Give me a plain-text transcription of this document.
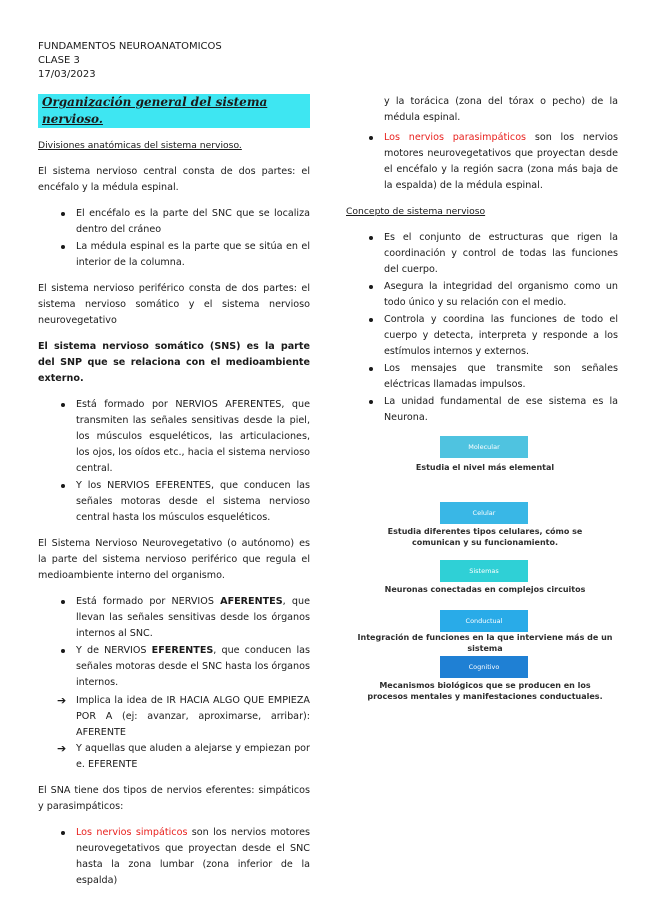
FUNDAMENTOS NEUROANATOMICOS
CLASE 3
17/03/2023
Organización general del sistema nervioso.
Divisiones anatómicas del sistema nervioso.

El sistema nervioso central consta de dos partes: el encéfalo y la médula espinal.

El encéfalo es la parte del SNC que se localiza dentro del cráneo
La médula espinal es la parte que se sitúa en el interior de la columna.

El sistema nervioso periférico consta de dos partes: el sistema nervioso somático y el sistema nervioso neurovegetativo

El sistema nervioso somático (SNS) es la parte del SNP que se relaciona con el medioambiente externo.

Está formado por NERVIOS AFERENTES, que transmiten las señales sensitivas desde la piel, los músculos esqueléticos, las articulaciones, los ojos, los oídos etc., hacia el sistema nervioso central.
Y los NERVIOS EFERENTES, que conducen las señales motoras desde el sistema nervioso central hasta los músculos esqueléticos.

El Sistema Nervioso Neurovegetativo (o autónomo) es la parte del sistema nervioso periférico que regula el medioambiente interno del organismo.

Está formado por NERVIOS AFERENTES, que llevan las señales sensitivas desde los órganos internos al SNC.
Y de NERVIOS EFERENTES, que conducen las señales motoras desde el SNC hasta los órganos internos.
➔ Implica la idea de IR HACIA ALGO QUE EMPIEZA POR A (ej: avanzar, aproximarse, arribar): AFERENTE
➔ Y aquellas que aluden a alejarse y empiezan por e. EFERENTE

El SNA tiene dos tipos de nervios eferentes: simpáticos y parasimpáticos:

Los nervios simpáticos son los nervios motores neurovegetativos que proyectan desde el SNC hasta la zona lumbar (zona inferior de la espalda)
y la torácica (zona del tórax o pecho) de la médula espinal.
Los nervios parasimpáticos son los nervios motores neurovegetativos que proyectan desde el encéfalo y la región sacra (zona más baja de la espalda) de la médula espinal.
Concepto de sistema nervioso
Es el conjunto de estructuras que rigen la coordinación y control de todas las funciones del cuerpo.
Asegura la integridad del organismo como un todo único y su relación con el medio.
Controla y coordina las funciones de todo el cuerpo y detecta, interpreta y responde a los estímulos internos y externos.
Los mensajes que transmite son señales eléctricas llamadas impulsos.
La unidad fundamental de ese sistema es la Neurona.
Molecular
Estudia el nivel más elemental
Celular
Estudia diferentes tipos celulares, cómo se comunican y su funcionamiento.
Sistemas
Neuronas conectadas en complejos circuitos
Conductual
Integración de funciones en la que interviene más de un sistema
Cognitivo
Mecanismos biológicos que se producen en los procesos mentales y manifestaciones conductuales.
